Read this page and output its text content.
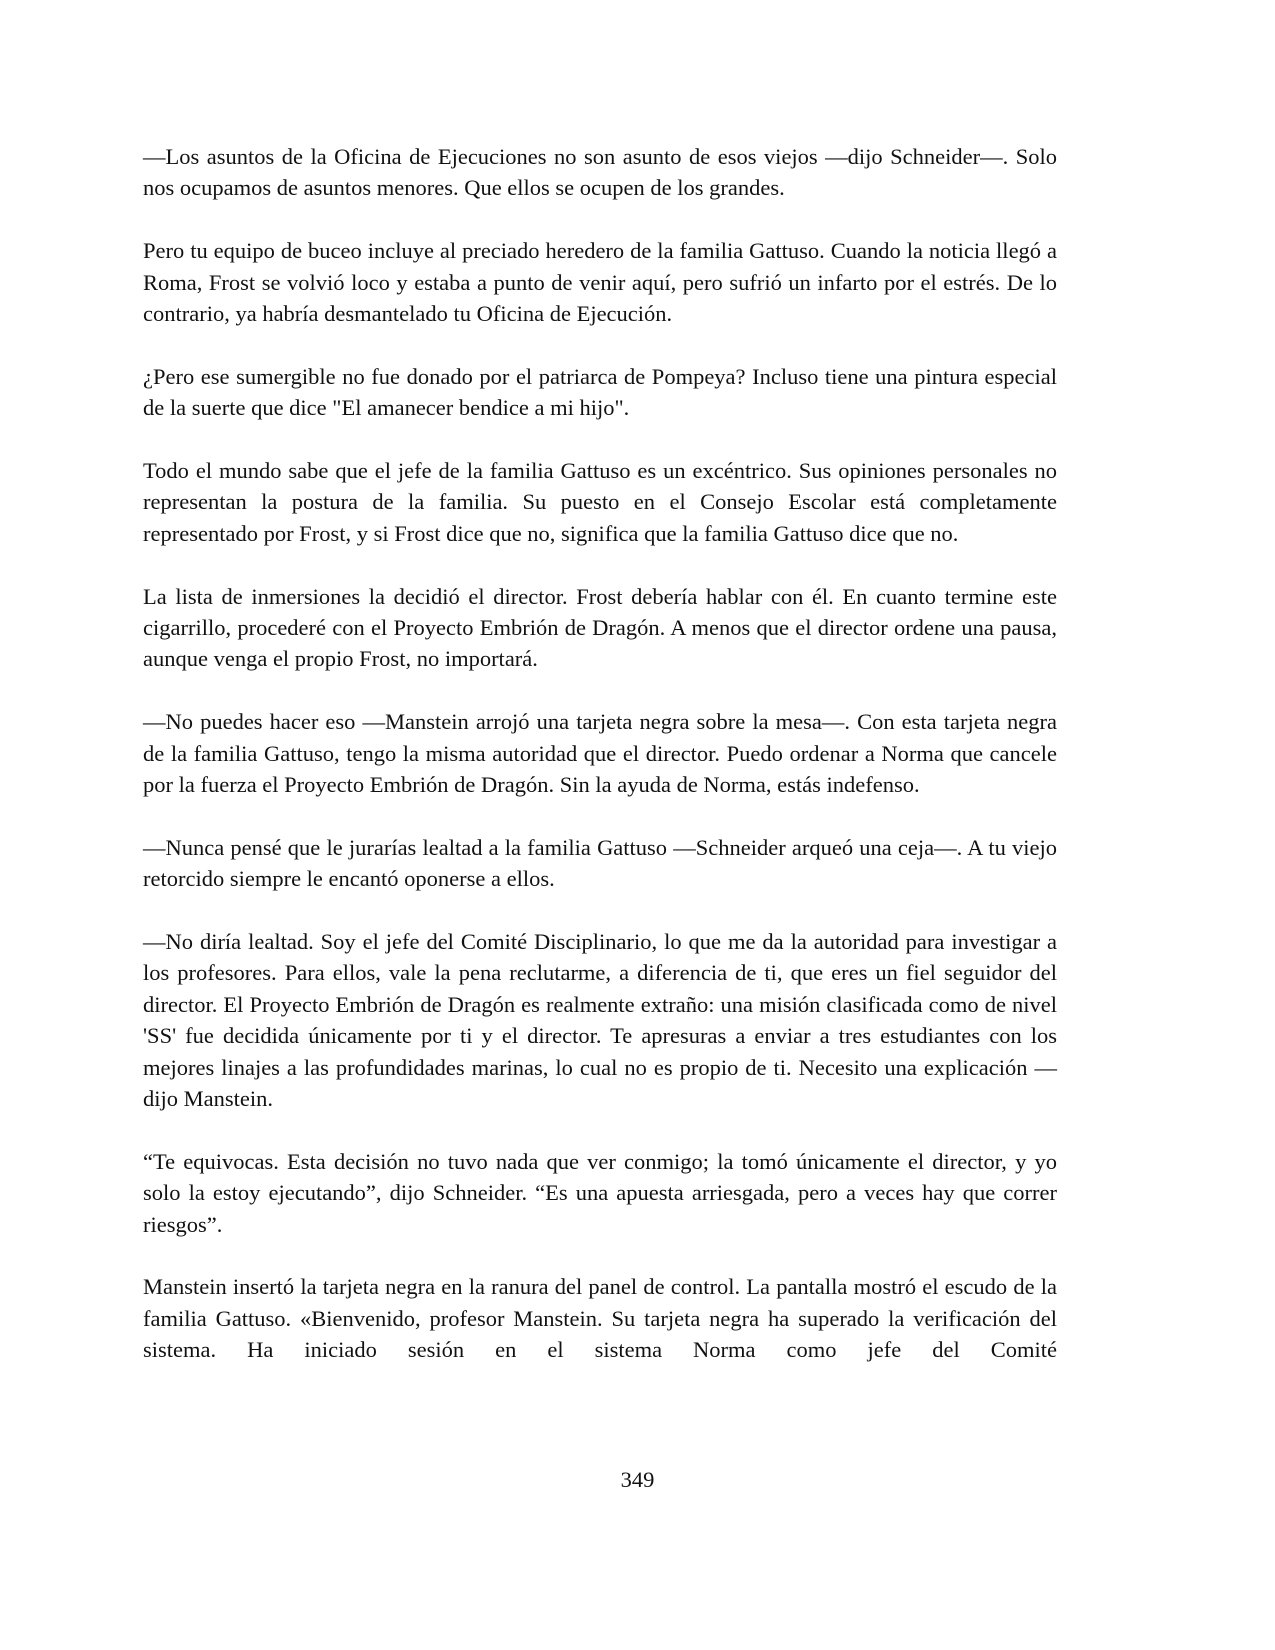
—Los asuntos de la Oficina de Ejecuciones no son asunto de esos viejos —dijo Schneider—. Solo nos ocupamos de asuntos menores. Que ellos se ocupen de los grandes.

Pero tu equipo de buceo incluye al preciado heredero de la familia Gattuso. Cuando la noticia llegó a Roma, Frost se volvió loco y estaba a punto de venir aquí, pero sufrió un infarto por el estrés. De lo contrario, ya habría desmantelado tu Oficina de Ejecución.

¿Pero ese sumergible no fue donado por el patriarca de Pompeya? Incluso tiene una pintura especial de la suerte que dice "El amanecer bendice a mi hijo".

Todo el mundo sabe que el jefe de la familia Gattuso es un excéntrico. Sus opiniones personales no representan la postura de la familia. Su puesto en el Consejo Escolar está completamente representado por Frost, y si Frost dice que no, significa que la familia Gattuso dice que no.

La lista de inmersiones la decidió el director. Frost debería hablar con él. En cuanto termine este cigarrillo, procederé con el Proyecto Embrión de Dragón. A menos que el director ordene una pausa, aunque venga el propio Frost, no importará.

—No puedes hacer eso —Manstein arrojó una tarjeta negra sobre la mesa—. Con esta tarjeta negra de la familia Gattuso, tengo la misma autoridad que el director. Puedo ordenar a Norma que cancele por la fuerza el Proyecto Embrión de Dragón. Sin la ayuda de Norma, estás indefenso.

—Nunca pensé que le jurarías lealtad a la familia Gattuso —Schneider arqueó una ceja—. A tu viejo retorcido siempre le encantó oponerse a ellos.

—No diría lealtad. Soy el jefe del Comité Disciplinario, lo que me da la autoridad para investigar a los profesores. Para ellos, vale la pena reclutarme, a diferencia de ti, que eres un fiel seguidor del director. El Proyecto Embrión de Dragón es realmente extraño: una misión clasificada como de nivel 'SS' fue decidida únicamente por ti y el director. Te apresuras a enviar a tres estudiantes con los mejores linajes a las profundidades marinas, lo cual no es propio de ti. Necesito una explicación —dijo Manstein.

“Te equivocas. Esta decisión no tuvo nada que ver conmigo; la tomó únicamente el director, y yo solo la estoy ejecutando”, dijo Schneider. “Es una apuesta arriesgada, pero a veces hay que correr riesgos”.

Manstein insertó la tarjeta negra en la ranura del panel de control. La pantalla mostró el escudo de la familia Gattuso. «Bienvenido, profesor Manstein. Su tarjeta negra ha superado la verificación del sistema. Ha iniciado sesión en el sistema Norma como jefe del Comité

349
